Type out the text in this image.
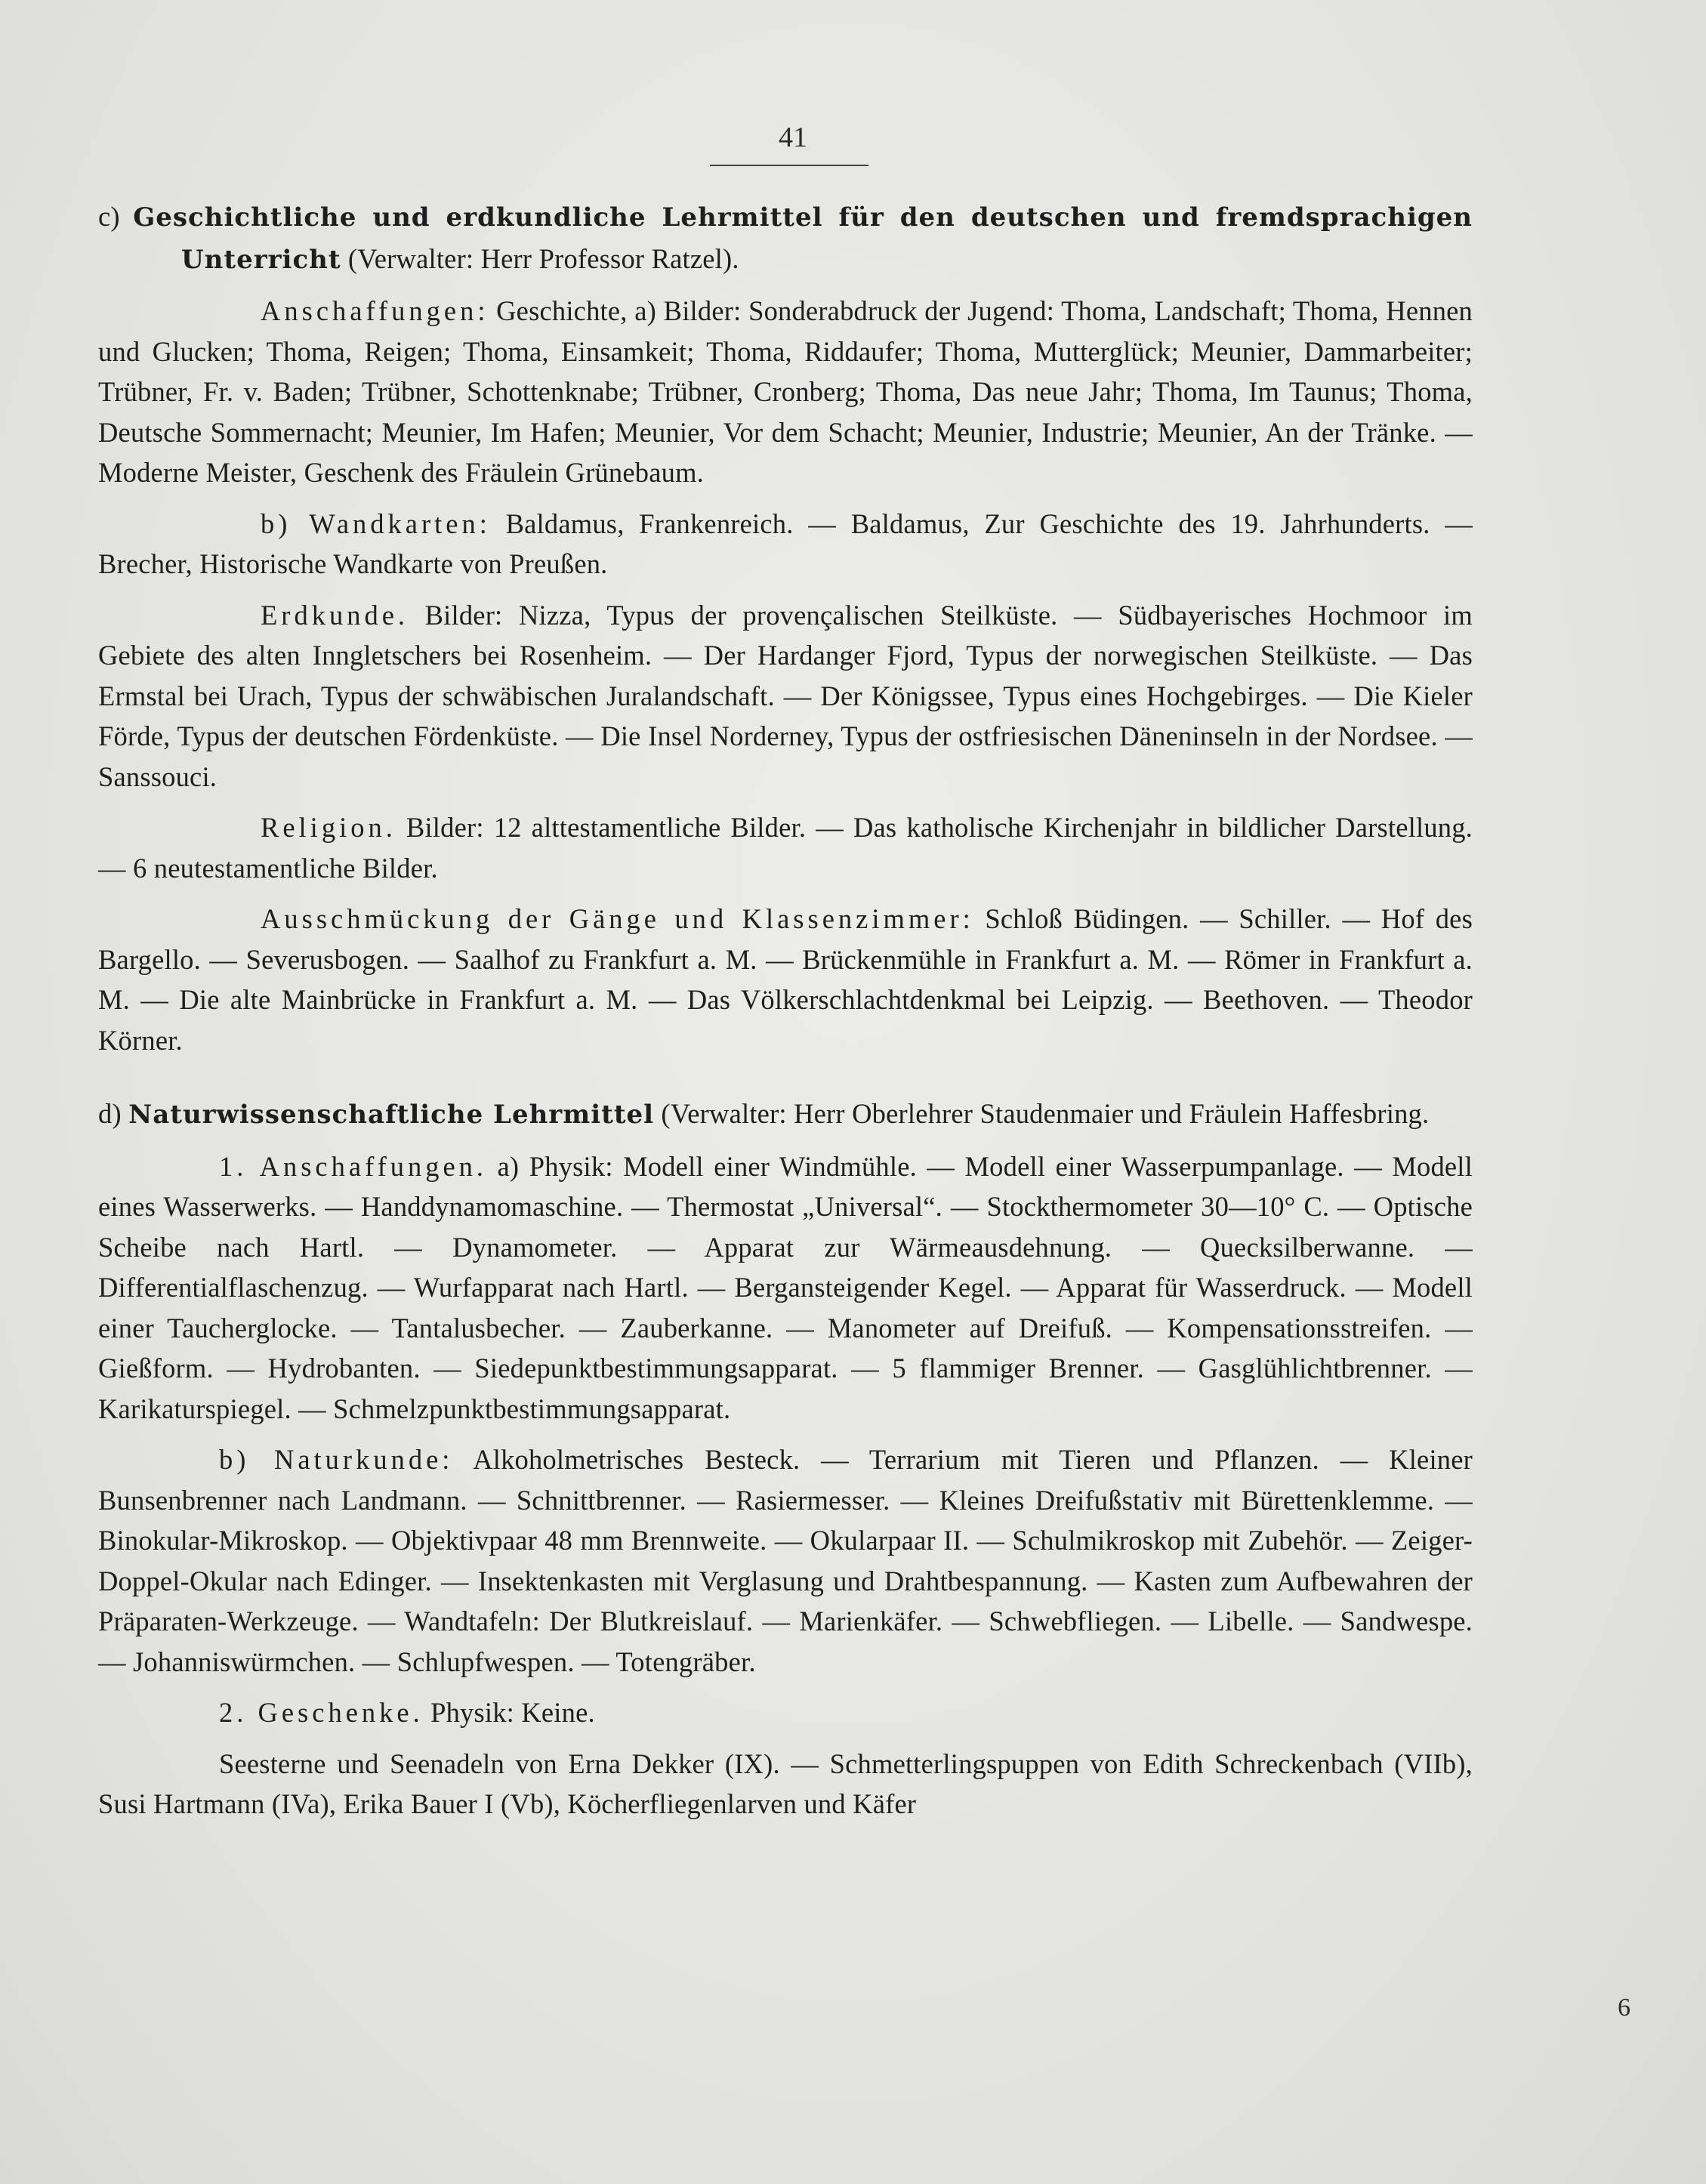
41

c) Geschichtliche und erdkundliche Lehrmittel für den deutschen und fremdsprachigen Unterricht (Verwalter: Herr Professor Ratzel).

Anschaffungen: Geschichte, a) Bilder: Sonderabdruck der Jugend: Thoma, Landschaft; Thoma, Hennen und Glucken; Thoma, Reigen; Thoma, Einsamkeit; Thoma, Riddaufer; Thoma, Mutterglück; Meunier, Dammarbeiter; Trübner, Fr. v. Baden; Trübner, Schottenknabe; Trübner, Cronberg; Thoma, Das neue Jahr; Thoma, Im Taunus; Thoma, Deutsche Sommernacht; Meunier, Im Hafen; Meunier, Vor dem Schacht; Meunier, Industrie; Meunier, An der Tränke. — Moderne Meister, Geschenk des Fräulein Grünebaum.

b) Wandkarten: Baldamus, Frankenreich. — Baldamus, Zur Geschichte des 19. Jahrhunderts. — Brecher, Historische Wandkarte von Preußen.

Erdkunde. Bilder: Nizza, Typus der provençalischen Steilküste. — Südbayerisches Hochmoor im Gebiete des alten Inngletschers bei Rosenheim. — Der Hardanger Fjord, Typus der norwegischen Steilküste. — Das Ermstal bei Urach, Typus der schwäbischen Juralandschaft. — Der Königssee, Typus eines Hochgebirges. — Die Kieler Förde, Typus der deutschen Fördenküste. — Die Insel Norderney, Typus der ostfriesischen Däneninseln in der Nordsee. — Sanssouci.

Religion. Bilder: 12 alttestamentliche Bilder. — Das katholische Kirchenjahr in bildlicher Darstellung. — 6 neutestamentliche Bilder.

Ausschmückung der Gänge und Klassenzimmer: Schloß Büdingen. — Schiller. — Hof des Bargello. — Severusbogen. — Saalhof zu Frankfurt a. M. — Brückenmühle in Frankfurt a. M. — Römer in Frankfurt a. M. — Die alte Mainbrücke in Frankfurt a. M. — Das Völkerschlachtdenkmal bei Leipzig. — Beethoven. — Theodor Körner.

d) Naturwissenschaftliche Lehrmittel (Verwalter: Herr Oberlehrer Staudenmaier und Fräulein Haffesbring.

1. Anschaffungen. a) Physik: Modell einer Windmühle. — Modell einer Wasserpumpanlage. — Modell eines Wasserwerks. — Handdynamomaschine. — Thermostat „Universal“. — Stockthermometer 30—10° C. — Optische Scheibe nach Hartl. — Dynamometer. — Apparat zur Wärmeausdehnung. — Quecksilberwanne. — Differentialflaschenzug. — Wurfapparat nach Hartl. — Bergansteigender Kegel. — Apparat für Wasserdruck. — Modell einer Taucherglocke. — Tantalusbecher. — Zauberkanne. — Manometer auf Dreifuß. — Kompensationsstreifen. — Gießform. — Hydrobanten. — Siedepunktbestimmungsapparat. — 5 flammiger Brenner. — Gasglühlichtbrenner. — Karikaturspiegel. — Schmelzpunktbestimmungsapparat.

b) Naturkunde: Alkoholmetrisches Besteck. — Terrarium mit Tieren und Pflanzen. — Kleiner Bunsenbrenner nach Landmann. — Schnittbrenner. — Rasiermesser. — Kleines Dreifußstativ mit Bürettenklemme. — Binokular-Mikroskop. — Objektivpaar 48 mm Brennweite. — Okularpaar II. — Schulmikroskop mit Zubehör. — Zeiger-Doppel-Okular nach Edinger. — Insektenkasten mit Verglasung und Drahtbespannung. — Kasten zum Aufbewahren der Präparaten-Werkzeuge. — Wandtafeln: Der Blutkreislauf. — Marienkäfer. — Schwebfliegen. — Libelle. — Sandwespe. — Johanniswürmchen. — Schlupfwespen. — Totengräber.

2. Geschenke. Physik: Keine.

Seesterne und Seenadeln von Erna Dekker (IX). — Schmetterlingspuppen von Edith Schreckenbach (VIIb), Susi Hartmann (IVa), Erika Bauer I (Vb), Köcherfliegenlarven und Käfer

6
